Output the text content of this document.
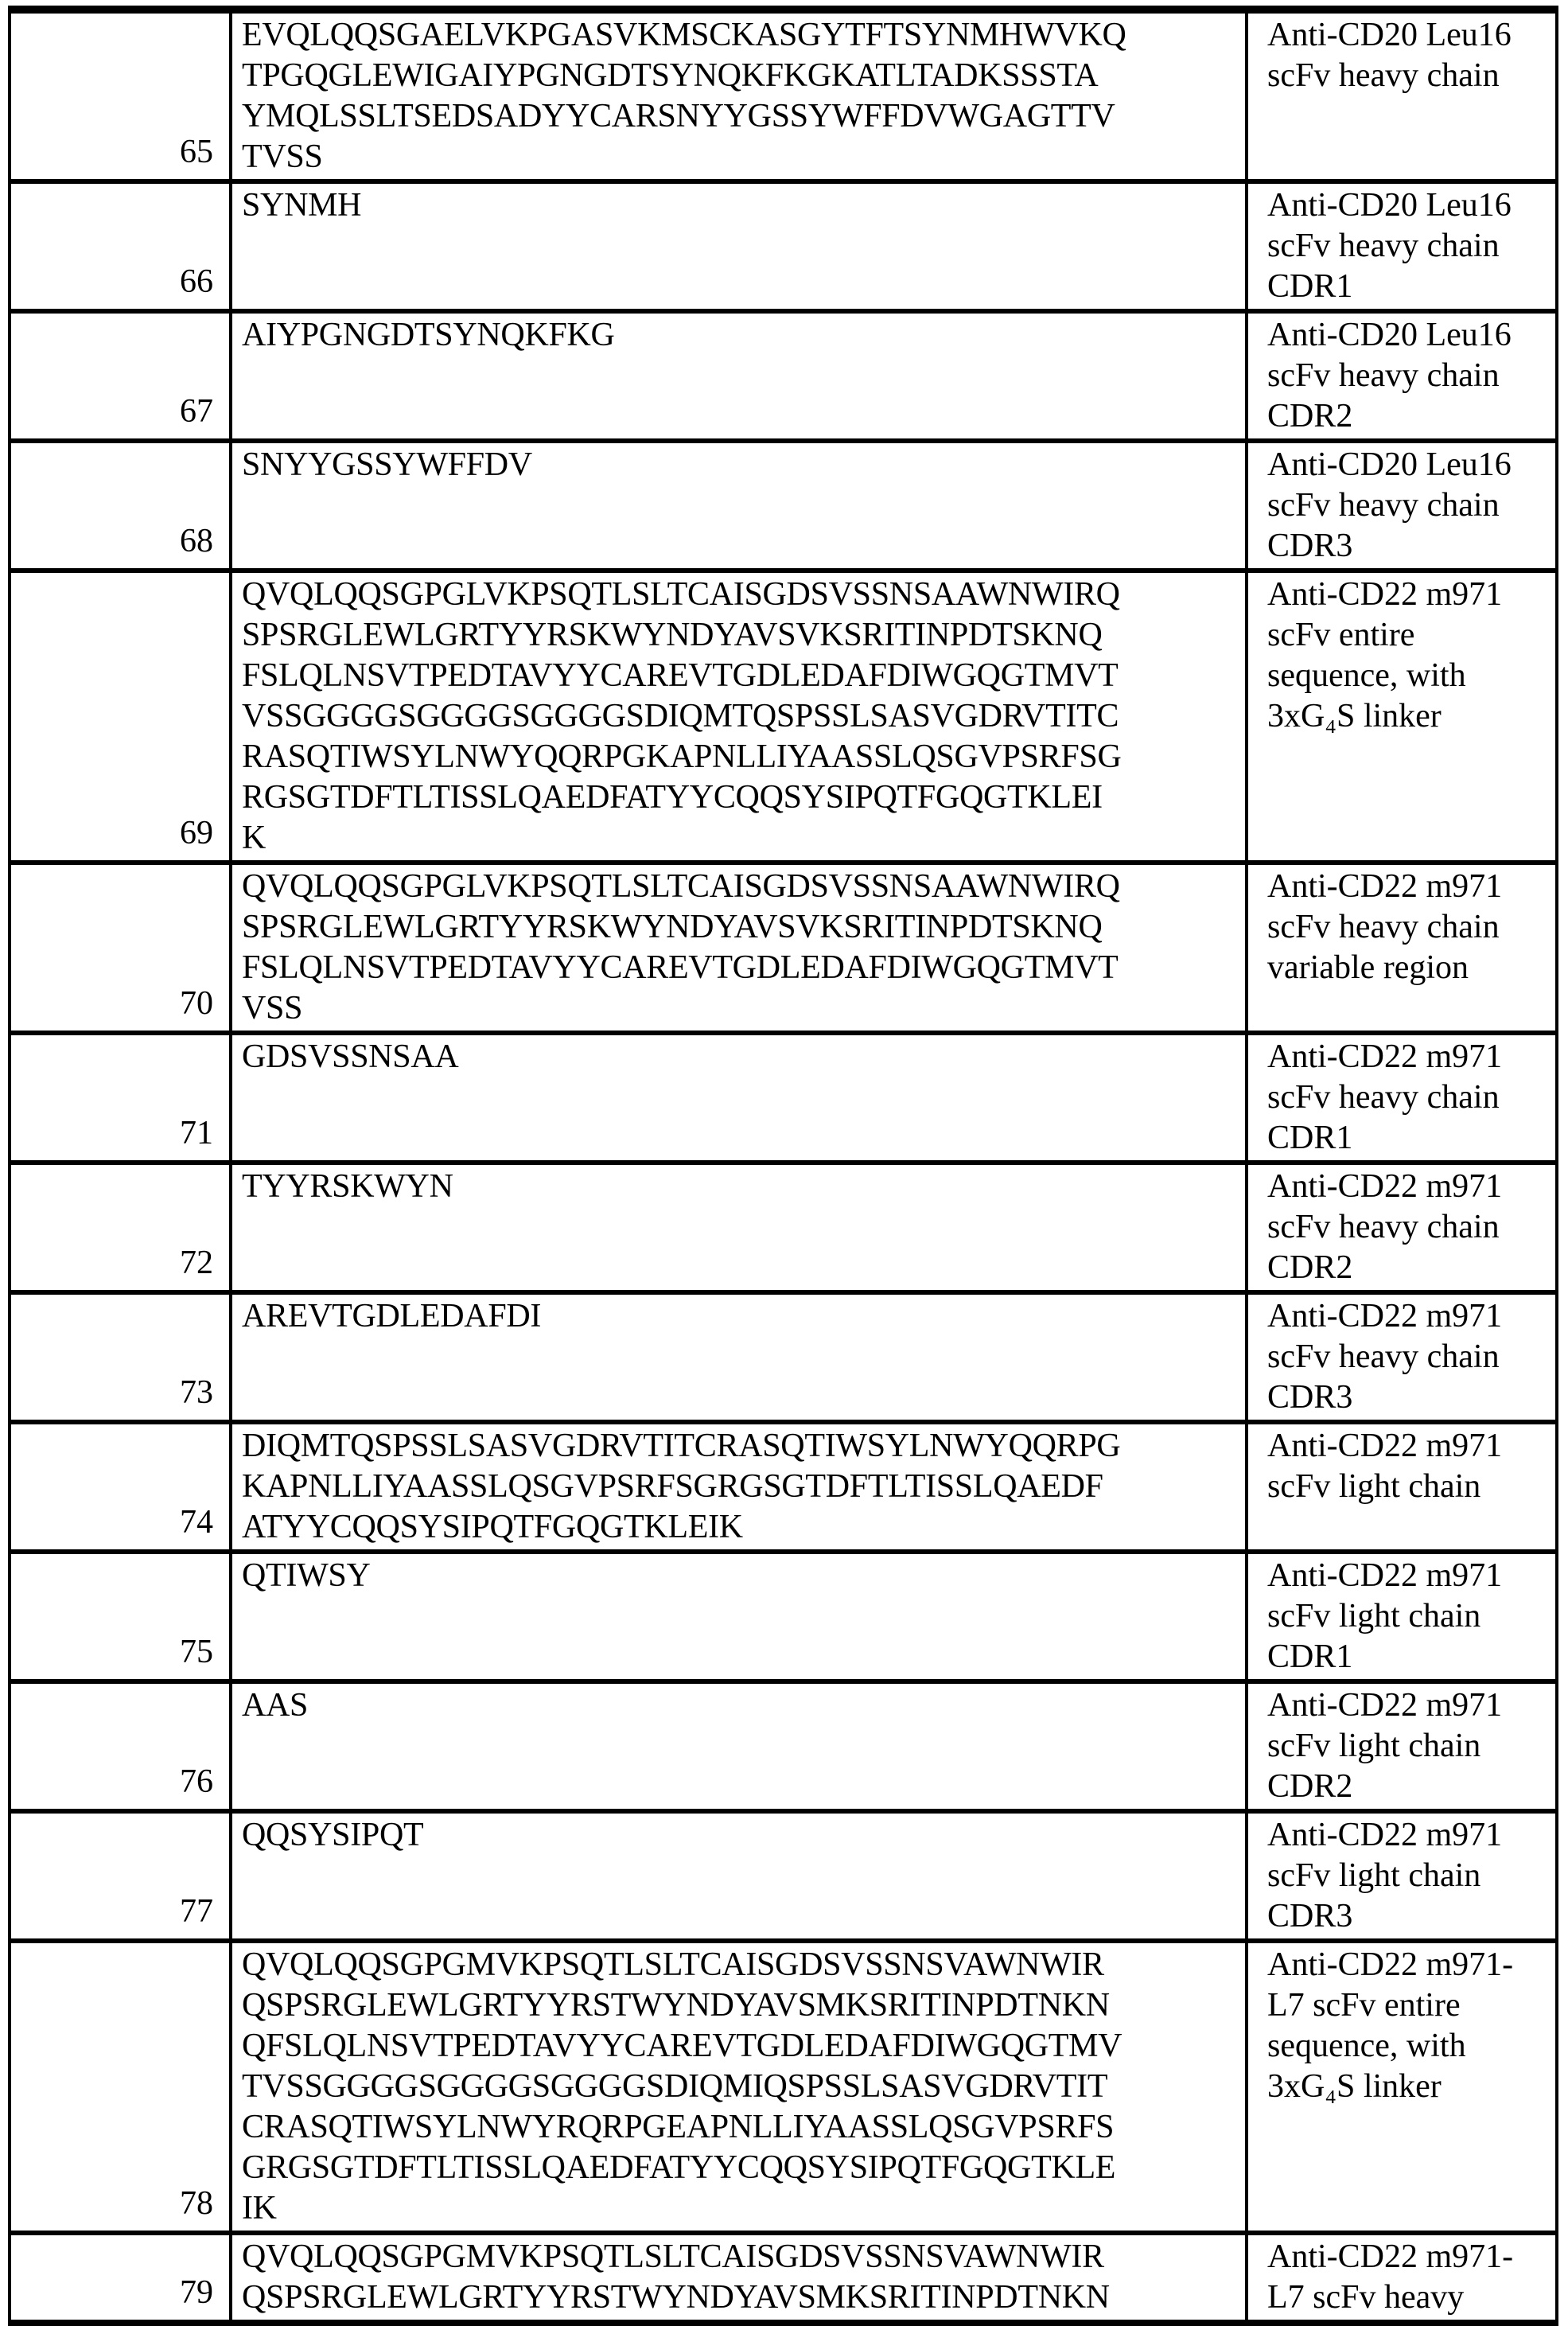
65	EVQLQQSGAELVKPGASVKMSCKASGYTFTSYNMHWVKQ
TPGQGLEWIGAIYPGNGDTSYNQKFKGKATLTADKSSSTA
YMQLSSLTSEDSADYYCARSNYYGSSYWFFDVWGAGTTV
TVSS	Anti-CD20 Leu16
scFv heavy chain
66	SYNMH	Anti-CD20 Leu16
scFv heavy chain
CDR1
67	AIYPGNGDTSYNQKFKG	Anti-CD20 Leu16
scFv heavy chain
CDR2
68	SNYYGSSYWFFDV	Anti-CD20 Leu16
scFv heavy chain
CDR3
69	QVQLQQSGPGLVKPSQTLSLTCAISGDSVSSNSAAWNWIRQ
SPSRGLEWLGRTYYRSKWYNDYAVSVKSRITINPDTSKNQ
FSLQLNSVTPEDTAVYYCAREVTGDLEDAFDIWGQGTMVT
VSSGGGGSGGGGSGGGGSDIQMTQSPSSLSASVGDRVTITC
RASQTIWSYLNWYQQRPGKAPNLLIYAASSLQSGVPSRFSG
RGSGTDFTLTISSLQAEDFATYYCQQSYSIPQTFGQGTKLEI
K	Anti-CD22 m971
scFv entire
sequence, with
3xG₄S linker
70	QVQLQQSGPGLVKPSQTLSLTCAISGDSVSSNSAAWNWIRQ
SPSRGLEWLGRTYYRSKWYNDYAVSVKSRITINPDTSKNQ
FSLQLNSVTPEDTAVYYCAREVTGDLEDAFDIWGQGTMVT
VSS	Anti-CD22 m971
scFv heavy chain
variable region
71	GDSVSSNSAA	Anti-CD22 m971
scFv heavy chain
CDR1
72	TYYRSKWYN	Anti-CD22 m971
scFv heavy chain
CDR2
73	AREVTGDLEDAFDI	Anti-CD22 m971
scFv heavy chain
CDR3
74	DIQMTQSPSSLSASVGDRVTITCRASQTIWSYLNWYQQRPG
KAPNLLIYAASSLQSGVPSRFSGRGSGTDFTLTISSLQAEDF
ATYYCQQSYSIPQTFGQGTKLEIK	Anti-CD22 m971
scFv light chain
75	QTIWSY	Anti-CD22 m971
scFv light chain
CDR1
76	AAS	Anti-CD22 m971
scFv light chain
CDR2
77	QQSYSIPQT	Anti-CD22 m971
scFv light chain
CDR3
78	QVQLQQSGPGMVKPSQTLSLTCAISGDSVSSNSVAWNWIR
QSPSRGLEWLGRTYYRSTWYNDYAVSMKSRITINPDTNKN
QFSLQLNSVTPEDTAVYYCAREVTGDLEDAFDIWGQGTMV
TVSSGGGGSGGGGSGGGGSDIQMIQSPSSLSASVGDRVTIT
CRASQTIWSYLNWYRQRPGEAPNLLIYAASSLQSGVPSRFS
GRGSGTDFTLTISSLQAEDFATYYCQQSYSIPQTFGQGTKLE
IK	Anti-CD22 m971-
L7 scFv entire
sequence, with
3xG₄S linker
79	QVQLQQSGPGMVKPSQTLSLTCAISGDSVSSNSVAWNWIR
QSPSRGLEWLGRTYYRSTWYNDYAVSMKSRITINPDTNKN	Anti-CD22 m971-
L7 scFv heavy
